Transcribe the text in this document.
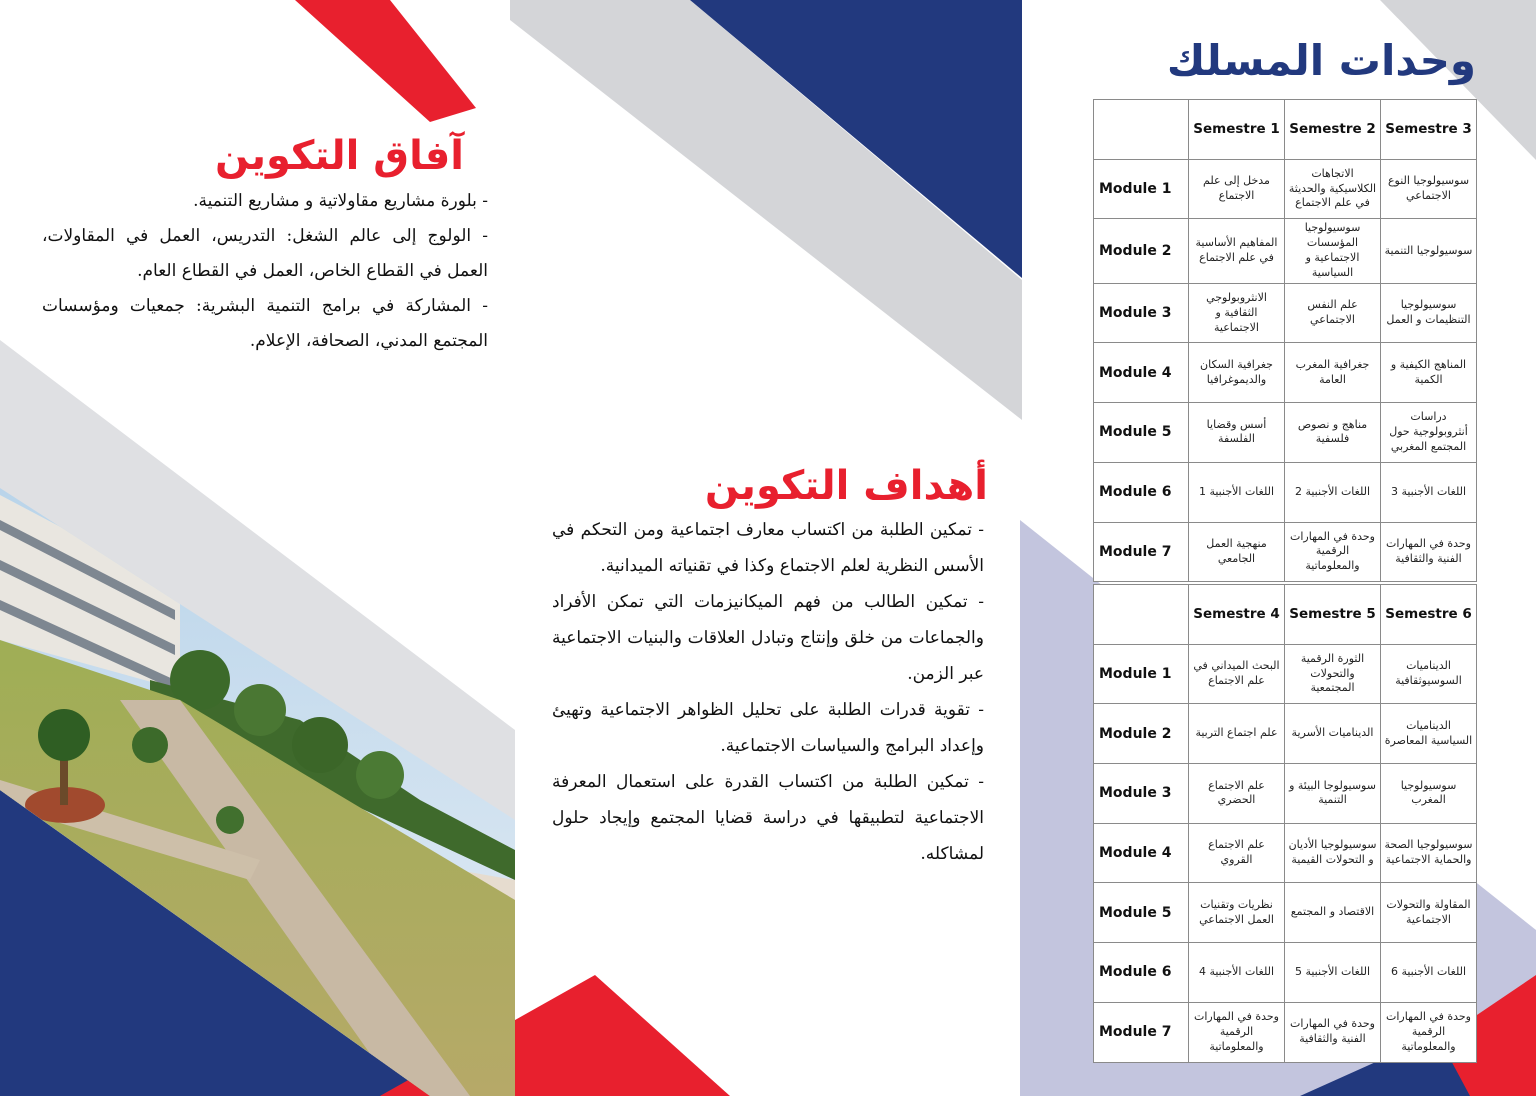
آفاق التكوين

- بلورة مشاريع مقاولاتية و مشاريع التنمية.

- الولوج إلى عالم الشغل: التدريس، العمل في المقاولات، العمل في القطاع الخاص، العمل في القطاع العام.

- المشاركة في برامج التنمية البشرية: جمعيات ومؤسسات المجتمع المدني، الصحافة، الإعلام.

أهداف التكوين

- تمكين الطلبة من اكتساب معارف اجتماعية ومن التحكم في الأسس النظرية لعلم الاجتماع وكذا في تقنياته الميدانية.

- تمكين الطالب من فهم الميكانيزمات التي تمكن الأفراد والجماعات من خلق وإنتاج وتبادل العلاقات والبنيات الاجتماعية عبر الزمن.

- تقوية قدرات الطلبة على تحليل الظواهر الاجتماعية وتهيئ وإعداد البرامج والسياسات الاجتماعية.

- تمكين الطلبة من اكتساب القدرة على استعمال المعرفة الاجتماعية لتطبيقها في دراسة قضايا المجتمع وإيجاد حلول لمشاكله.

وحدات المسلك
	Semestre 1	Semestre 2	Semestre 3
Module 1	مدخل إلى علم الاجتماع	الاتجاهات الكلاسيكية والحديثة في علم الاجتماع	سوسيولوجيا النوع الاجتماعي
Module 2	المفاهيم الأساسية في علم الاجتماع	سوسيولوجيا المؤسسات الاجتماعية و السياسية	سوسيولوجيا التنمية
Module 3	الانثروبولوجي الثقافية و الاجتماعية	علم النفس الاجتماعي	سوسيولوجيا التنظيمات و العمل
Module 4	جغرافية السكان والديموغرافيا	جغرافية المغرب العامة	المناهج الكيفية و الكمية
Module 5	أسس وقضايا الفلسفة	مناهج و نصوص فلسفية	دراسات أنثروبولوجية حول المجتمع المغربي
Module 6	اللغات الأجنبية 1	اللغات الأجنبية 2	اللغات الأجنبية 3
Module 7	منهجية العمل الجامعي	وحدة في المهارات الرقمية والمعلوماتية	وحدة في المهارات الفنية والثقافية
	Semestre 4	Semestre 5	Semestre 6
Module 1	البحث الميداني في علم الاجتماع	الثورة الرقمية والتحولات المجتمعية	الديناميات السوسيوثقافية
Module 2	علم اجتماع التربية	الديناميات الأسرية	الديناميات السياسية المعاصرة
Module 3	علم الاجتماع الحضري	سوسيولوجا البيئة و التنمية	سوسيولوجيا المغرب
Module 4	علم الاجتماع القروي	سوسيولوجيا الأديان و التحولات القيمية	سوسيولوجيا الصحة والحماية الاجتماعية
Module 5	نظريات وتقنيات العمل الاجتماعي	الاقتصاد و المجتمع	المقاولة والتحولات الاجتماعية
Module 6	اللغات الأجنبية 4	اللغات الأجنبية 5	اللغات الأجنبية 6
Module 7	وحدة في المهارات الرقمية والمعلوماتية	وحدة في المهارات الفنية والثقافية	وحدة في المهارات الرقمية والمعلوماتية
